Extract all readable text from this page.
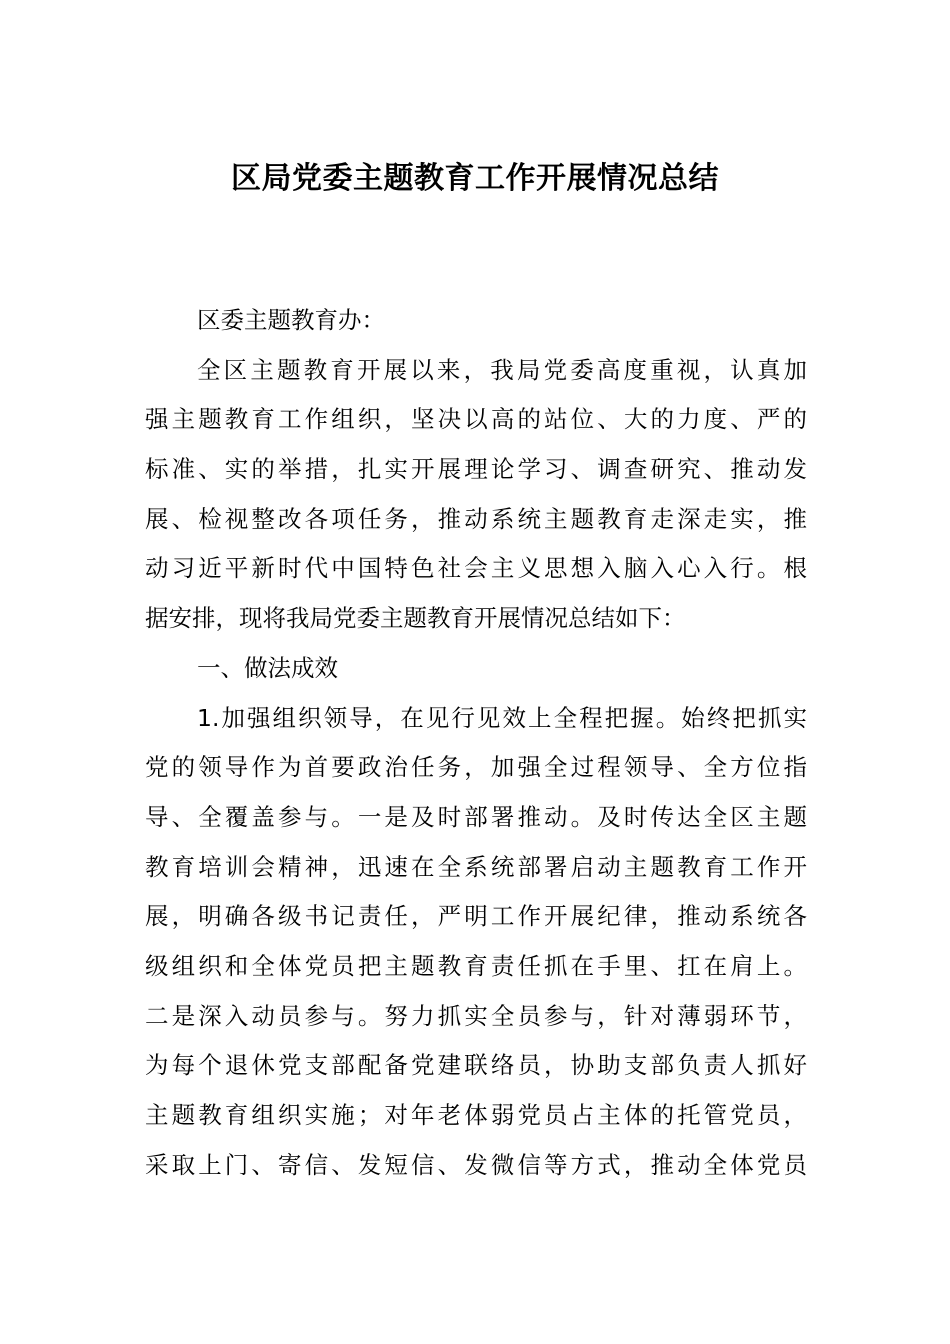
区局党委主题教育工作开展情况总结
区委主题教育办：
全区主题教育开展以来，我局党委高度重视，认真加
强主题教育工作组织，坚决以高的站位、大的力度、严的
标准、实的举措，扎实开展理论学习、调查研究、推动发
展、检视整改各项任务，推动系统主题教育走深走实，推
动习近平新时代中国特色社会主义思想入脑入心入行。根
据安排，现将我局党委主题教育开展情况总结如下：
一、做法成效
1.加强组织领导，在见行见效上全程把握。始终把抓实
党的领导作为首要政治任务，加强全过程领导、全方位指
导、全覆盖参与。一是及时部署推动。及时传达全区主题
教育培训会精神，迅速在全系统部署启动主题教育工作开
展，明确各级书记责任，严明工作开展纪律，推动系统各
级组织和全体党员把主题教育责任抓在手里、扛在肩上。
二是深入动员参与。努力抓实全员参与，针对薄弱环节，
为每个退休党支部配备党建联络员，协助支部负责人抓好
主题教育组织实施；对年老体弱党员占主体的托管党员，
采取上门、寄信、发短信、发微信等方式，推动全体党员
